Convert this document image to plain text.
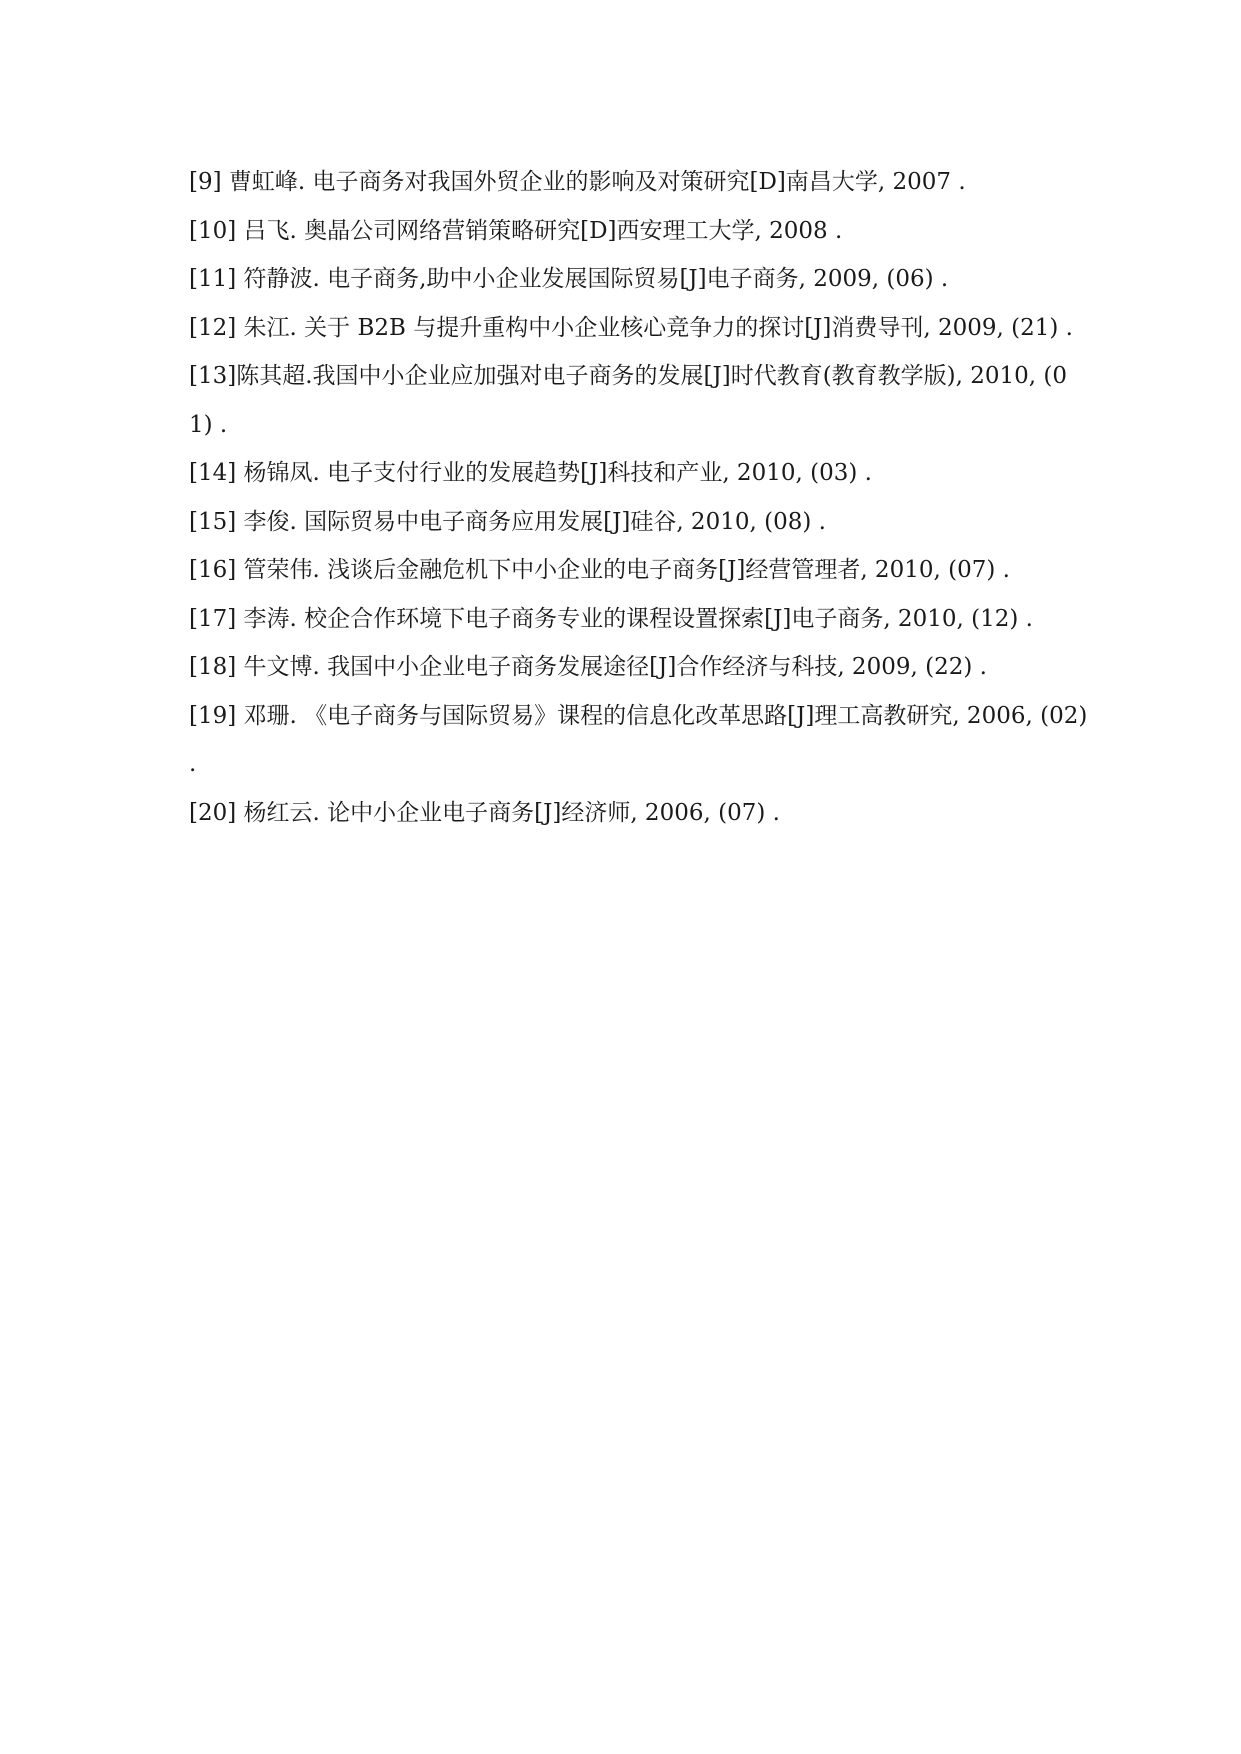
[9] 曹虹峰. 电子商务对我国外贸企业的影响及对策研究[D]南昌大学, 2007 .
[10] 吕飞. 奥晶公司网络营销策略研究[D]西安理工大学, 2008 .
[11] 符静波. 电子商务,助中小企业发展国际贸易[J]电子商务, 2009, (06) .
[12] 朱江. 关于 B2B 与提升重构中小企业核心竞争力的探讨[J]消费导刊, 2009, (21) .
[13]陈其超.我国中小企业应加强对电子商务的发展[J]时代教育(教育教学版), 2010, (01) .
[14] 杨锦凤. 电子支付行业的发展趋势[J]科技和产业, 2010, (03) .
[15] 李俊. 国际贸易中电子商务应用发展[J]硅谷, 2010, (08) .
[16] 管荣伟. 浅谈后金融危机下中小企业的电子商务[J]经营管理者, 2010, (07) .
[17] 李涛. 校企合作环境下电子商务专业的课程设置探索[J]电子商务, 2010, (12) .
[18] 牛文博. 我国中小企业电子商务发展途径[J]合作经济与科技, 2009, (22) .
[19] 邓珊. 《电子商务与国际贸易》课程的信息化改革思路[J]理工高教研究, 2006, (02) .
[20] 杨红云. 论中小企业电子商务[J]经济师, 2006, (07) .
